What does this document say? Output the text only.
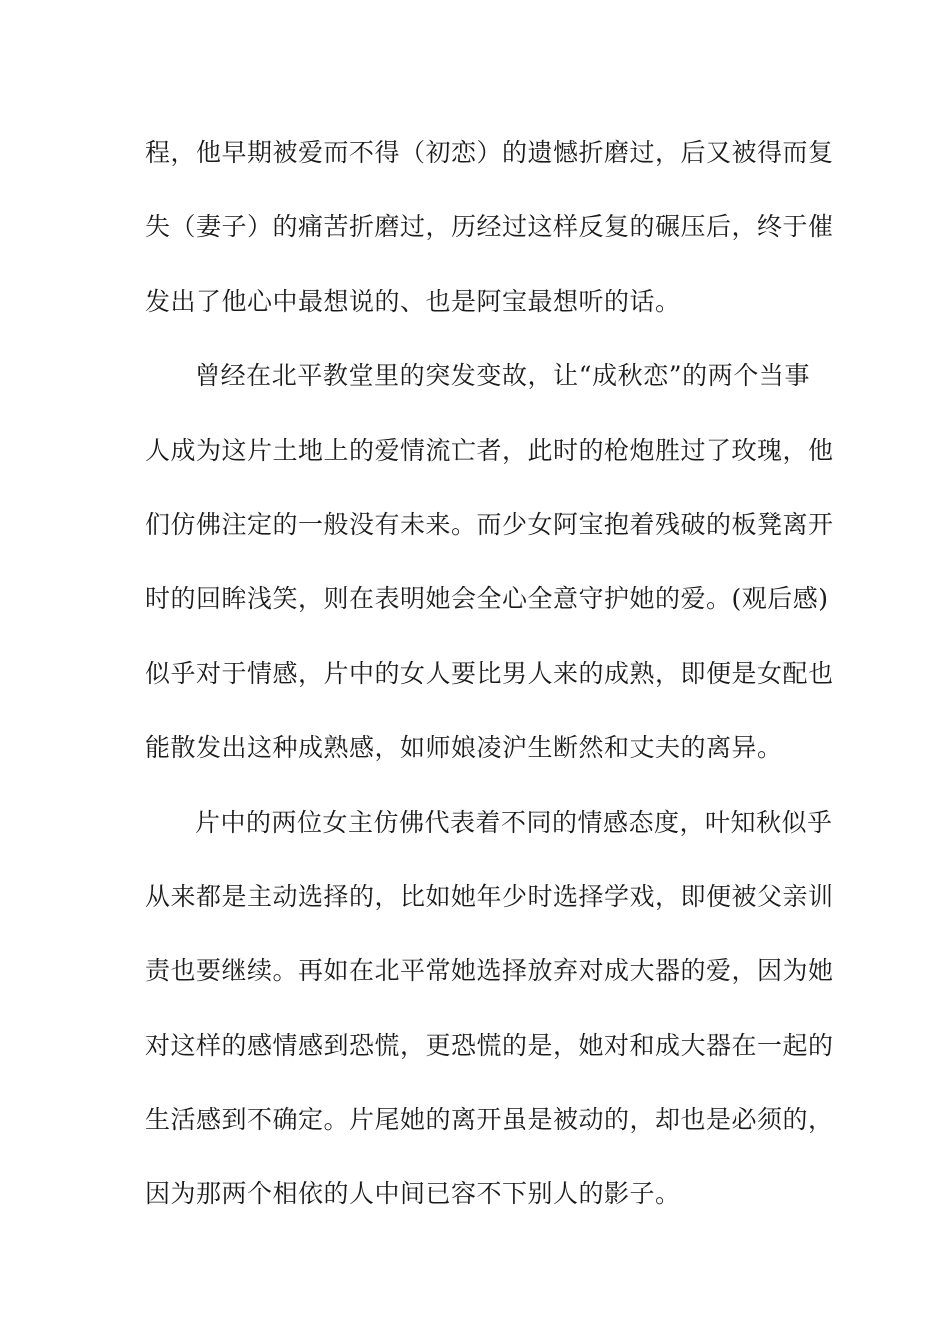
程，他早期被爱而不得（初恋）的遗憾折磨过，后又被得而复
失（妻子）的痛苦折磨过，历经过这样反复的碾压后，终于催
发出了他心中最想说的、也是阿宝最想听的话。
曾经在北平教堂里的突发变故，让“成秋恋”的两个当事
人成为这片土地上的爱情流亡者，此时的枪炮胜过了玫瑰，他
们仿佛注定的一般没有未来。而少女阿宝抱着残破的板凳离开
时的回眸浅笑，则在表明她会全心全意守护她的爱。(观后感)
似乎对于情感，片中的女人要比男人来的成熟，即便是女配也
能散发出这种成熟感，如师娘凌沪生断然和丈夫的离异。
片中的两位女主仿佛代表着不同的情感态度，叶知秋似乎
从来都是主动选择的，比如她年少时选择学戏，即便被父亲训
责也要继续。再如在北平常她选择放弃对成大器的爱，因为她
对这样的感情感到恐慌，更恐慌的是，她对和成大器在一起的
生活感到不确定。片尾她的离开虽是被动的，却也是必须的，
因为那两个相依的人中间已容不下别人的影子。
